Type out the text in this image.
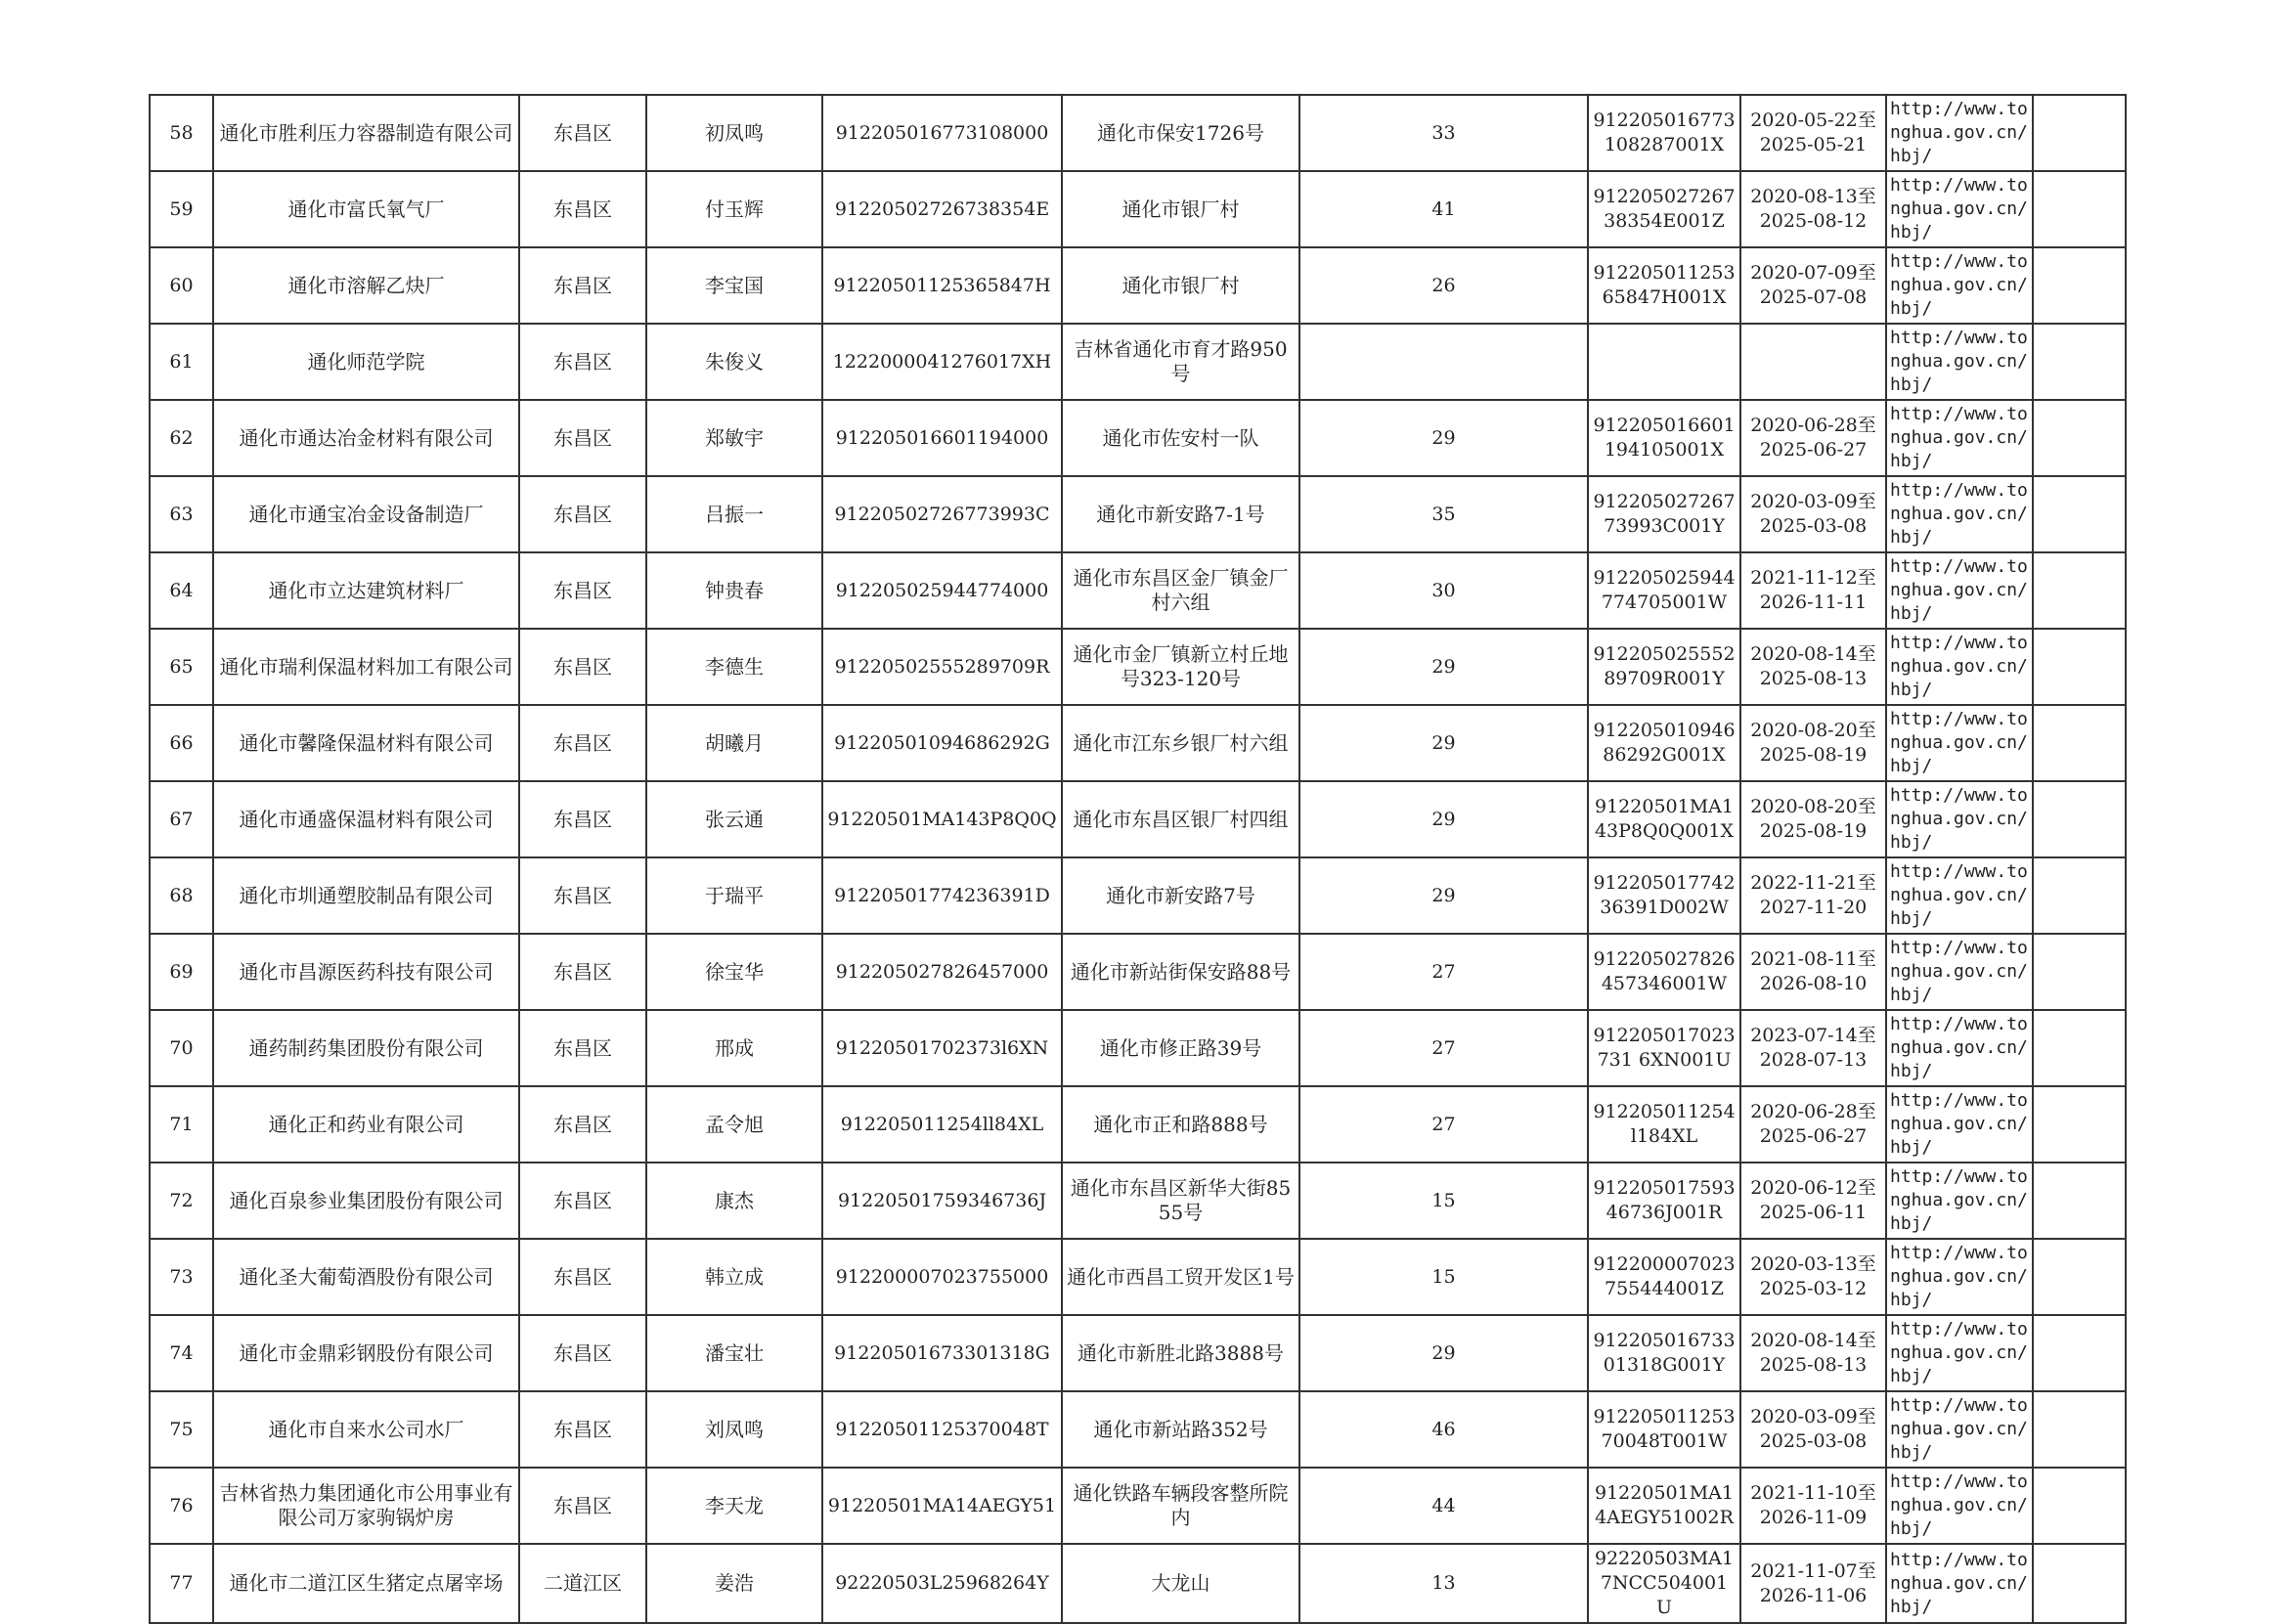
58	通化市胜利压力容器制造有限公司	东昌区	初凤鸣	912205016773108000	通化市保安1726号	33	912205016773108287001X	2020-05-22至2025-05-21	http://www.tonghua.gov.cn/hbj/	
59	通化市富氏氧气厂	东昌区	付玉辉	91220502726738354E	通化市银厂村	41	91220502726738354E001Z	2020-08-13至2025-08-12	http://www.tonghua.gov.cn/hbj/	
60	通化市溶解乙炔厂	东昌区	李宝国	91220501125365847H	通化市银厂村	26	91220501125365847H001X	2020-07-09至2025-07-08	http://www.tonghua.gov.cn/hbj/	
61	通化师范学院	东昌区	朱俊义	1222000041276017XH	吉林省通化市育才路950号				http://www.tonghua.gov.cn/hbj/	
62	通化市通达冶金材料有限公司	东昌区	郑敏宇	912205016601194000	通化市佐安村一队	29	912205016601194105001X	2020-06-28至2025-06-27	http://www.tonghua.gov.cn/hbj/	
63	通化市通宝冶金设备制造厂	东昌区	吕振一	91220502726773993C	通化市新安路7-1号	35	91220502726773993C001Y	2020-03-09至2025-03-08	http://www.tonghua.gov.cn/hbj/	
64	通化市立达建筑材料厂	东昌区	钟贵春	912205025944774000	通化市东昌区金厂镇金厂村六组	30	912205025944774705001W	2021-11-12至2026-11-11	http://www.tonghua.gov.cn/hbj/	
65	通化市瑞利保温材料加工有限公司	东昌区	李德生	91220502555289709R	通化市金厂镇新立村丘地号323-120号	29	91220502555289709R001Y	2020-08-14至2025-08-13	http://www.tonghua.gov.cn/hbj/	
66	通化市馨隆保温材料有限公司	东昌区	胡曦月	91220501094686292G	通化市江东乡银厂村六组	29	91220501094686292G001X	2020-08-20至2025-08-19	http://www.tonghua.gov.cn/hbj/	
67	通化市通盛保温材料有限公司	东昌区	张云通	91220501MA143P8Q0Q	通化市东昌区银厂村四组	29	91220501MA143P8Q0Q001X	2020-08-20至2025-08-19	http://www.tonghua.gov.cn/hbj/	
68	通化市圳通塑胶制品有限公司	东昌区	于瑞平	91220501774236391D	通化市新安路7号	29	91220501774236391D002W	2022-11-21至2027-11-20	http://www.tonghua.gov.cn/hbj/	
69	通化市昌源医药科技有限公司	东昌区	徐宝华	912205027826457000	通化市新站街保安路88号	27	912205027826457346001W	2021-08-11至2026-08-10	http://www.tonghua.gov.cn/hbj/	
70	通药制药集团股份有限公司	东昌区	邢成	91220501702373l6XN	通化市修正路39号	27	912205017023731 6XN001U	2023-07-14至2028-07-13	http://www.tonghua.gov.cn/hbj/	
71	通化正和药业有限公司	东昌区	孟令旭	912205011254ll84XL	通化市正和路888号	27	912205011254l184XL	2020-06-28至2025-06-27	http://www.tonghua.gov.cn/hbj/	
72	通化百泉参业集团股份有限公司	东昌区	康杰	91220501759346736J	通化市东昌区新华大街8555号	15	91220501759346736J001R	2020-06-12至2025-06-11	http://www.tonghua.gov.cn/hbj/	
73	通化圣大葡萄酒股份有限公司	东昌区	韩立成	912200007023755000	通化市西昌工贸开发区1号	15	912200007023755444001Z	2020-03-13至2025-03-12	http://www.tonghua.gov.cn/hbj/	
74	通化市金鼎彩钢股份有限公司	东昌区	潘宝壮	91220501673301318G	通化市新胜北路3888号	29	91220501673301318G001Y	2020-08-14至2025-08-13	http://www.tonghua.gov.cn/hbj/	
75	通化市自来水公司水厂	东昌区	刘凤鸣	91220501125370048T	通化市新站路352号	46	91220501125370048T001W	2020-03-09至2025-03-08	http://www.tonghua.gov.cn/hbj/	
76	吉林省热力集团通化市公用事业有限公司万家驹锅炉房	东昌区	李天龙	91220501MA14AEGY51	通化铁路车辆段客整所院内	44	91220501MA14AEGY51002R	2021-11-10至2026-11-09	http://www.tonghua.gov.cn/hbj/	
77	通化市二道江区生猪定点屠宰场	二道江区	姜浩	92220503L25968264Y	大龙山	13	92220503MA17NCC504001U	2021-11-07至2026-11-06	http://www.tonghua.gov.cn/hbj/	
